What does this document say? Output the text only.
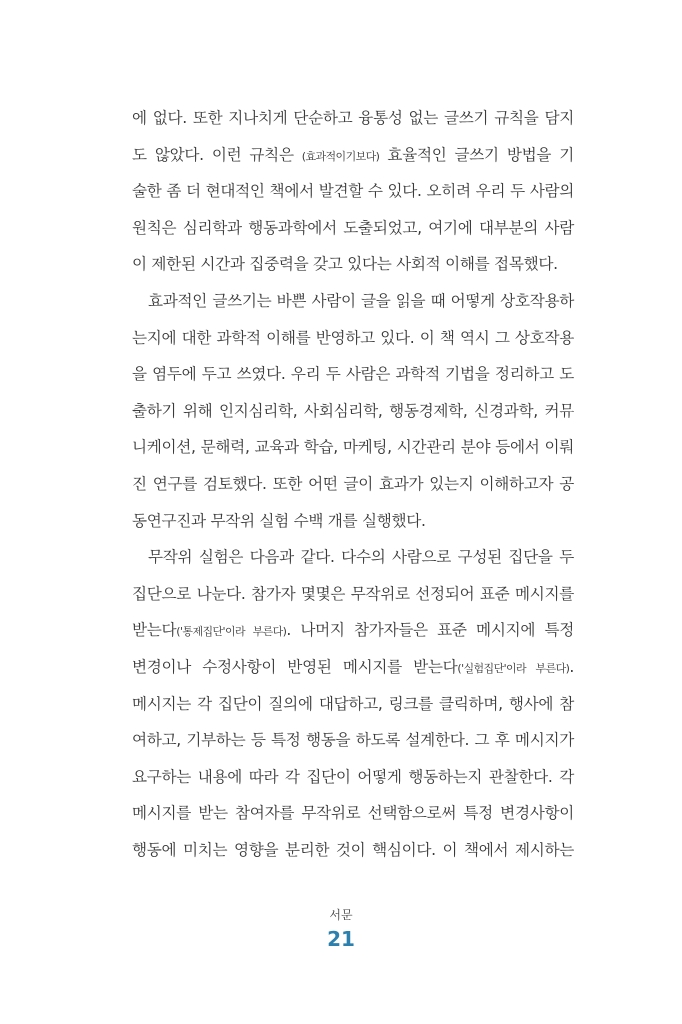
에 없다. 또한 지나치게 단순하고 융통성 없는 글쓰기 규칙을 담지
도 않았다. 이런 규칙은 (효과적이기보다) 효율적인 글쓰기 방법을 기
술한 좀 더 현대적인 책에서 발견할 수 있다. 오히려 우리 두 사람의
원칙은 심리학과 행동과학에서 도출되었고, 여기에 대부분의 사람
이 제한된 시간과 집중력을 갖고 있다는 사회적 이해를 접목했다.
효과적인 글쓰기는 바쁜 사람이 글을 읽을 때 어떻게 상호작용하
는지에 대한 과학적 이해를 반영하고 있다. 이 책 역시 그 상호작용
을 염두에 두고 쓰였다. 우리 두 사람은 과학적 기법을 정리하고 도
출하기 위해 인지심리학, 사회심리학, 행동경제학, 신경과학, 커뮤
니케이션, 문해력, 교육과 학습, 마케팅, 시간관리 분야 등에서 이뤄
진 연구를 검토했다. 또한 어떤 글이 효과가 있는지 이해하고자 공
동연구진과 무작위 실험 수백 개를 실행했다.
무작위 실험은 다음과 같다. 다수의 사람으로 구성된 집단을 두
집단으로 나눈다. 참가자 몇몇은 무작위로 선정되어 표준 메시지를
받는다('통제집단'이라 부른다). 나머지 참가자들은 표준 메시지에 특정
변경이나 수정사항이 반영된 메시지를 받는다('실험집단'이라 부른다).
메시지는 각 집단이 질의에 대답하고, 링크를 클릭하며, 행사에 참
여하고, 기부하는 등 특정 행동을 하도록 설계한다. 그 후 메시지가
요구하는 내용에 따라 각 집단이 어떻게 행동하는지 관찰한다. 각
메시지를 받는 참여자를 무작위로 선택함으로써 특정 변경사항이
행동에 미치는 영향을 분리한 것이 핵심이다. 이 책에서 제시하는
서문
21
